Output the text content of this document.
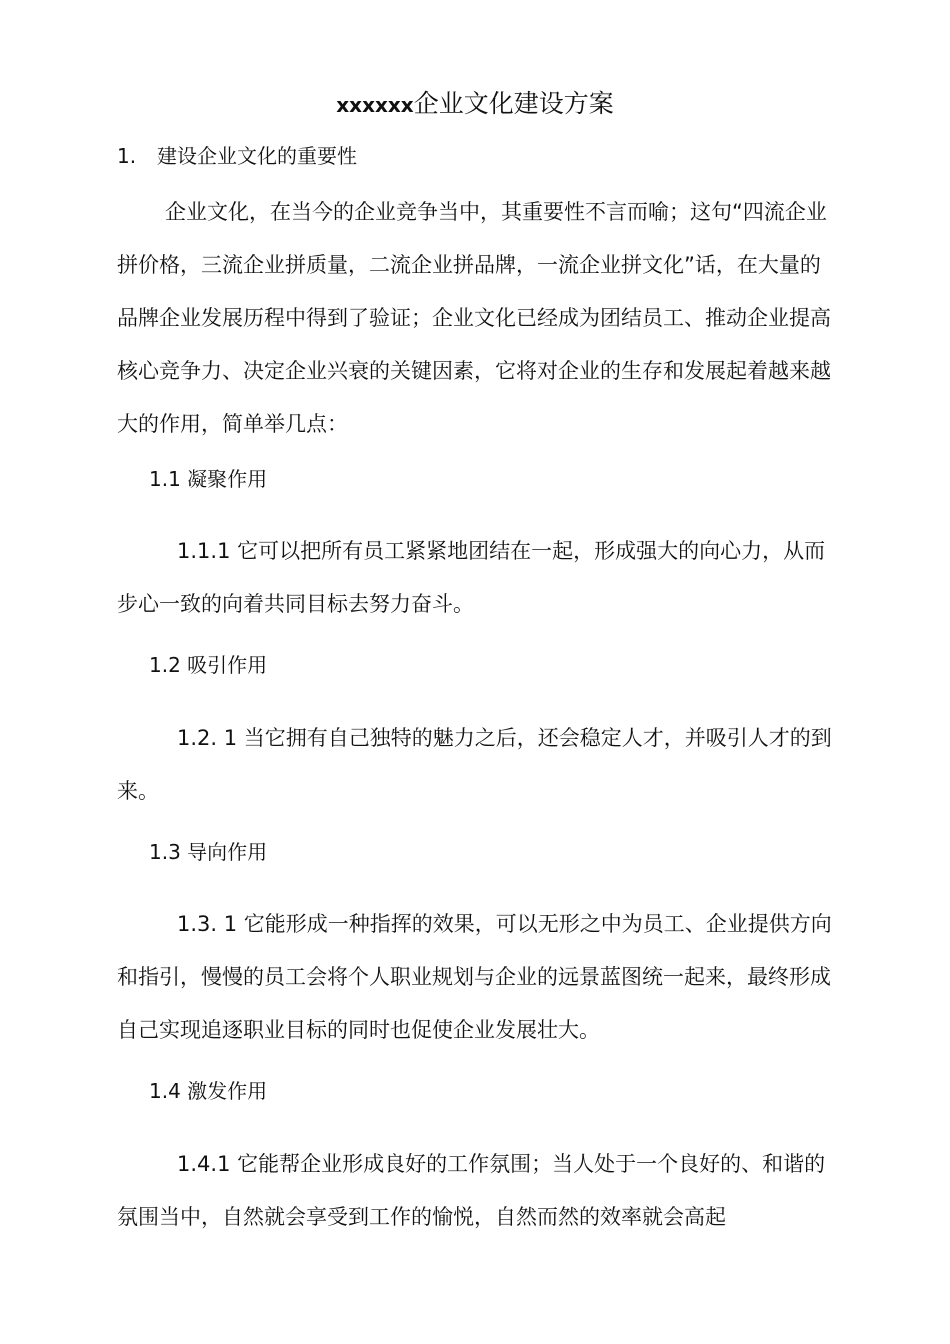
xxxxxx企业文化建设方案
1. 建设企业文化的重要性

企业文化，在当今的企业竞争当中，其重要性不言而喻；这句“四流企业拼价格，三流企业拼质量，二流企业拼品牌，一流企业拼文化”话，在大量的品牌企业发展历程中得到了验证；企业文化已经成为团结员工、推动企业提高核心竞争力、决定企业兴衰的关键因素，它将对企业的生存和发展起着越来越大的作用，简单举几点：

1.1 凝聚作用

1.1.1 它可以把所有员工紧紧地团结在一起，形成强大的向心力，从而步心一致的向着共同目标去努力奋斗。

1.2 吸引作用

1.2. 1 当它拥有自己独特的魅力之后，还会稳定人才，并吸引人才的到来。

1.3 导向作用

1.3. 1 它能形成一种指挥的效果，可以无形之中为员工、企业提供方向和指引，慢慢的员工会将个人职业规划与企业的远景蓝图统一起来，最终形成自己实现追逐职业目标的同时也促使企业发展壮大。

1.4 激发作用

1.4.1 它能帮企业形成良好的工作氛围；当人处于一个良好的、和谐的氛围当中，自然就会享受到工作的愉悦，自然而然的效率就会高起
